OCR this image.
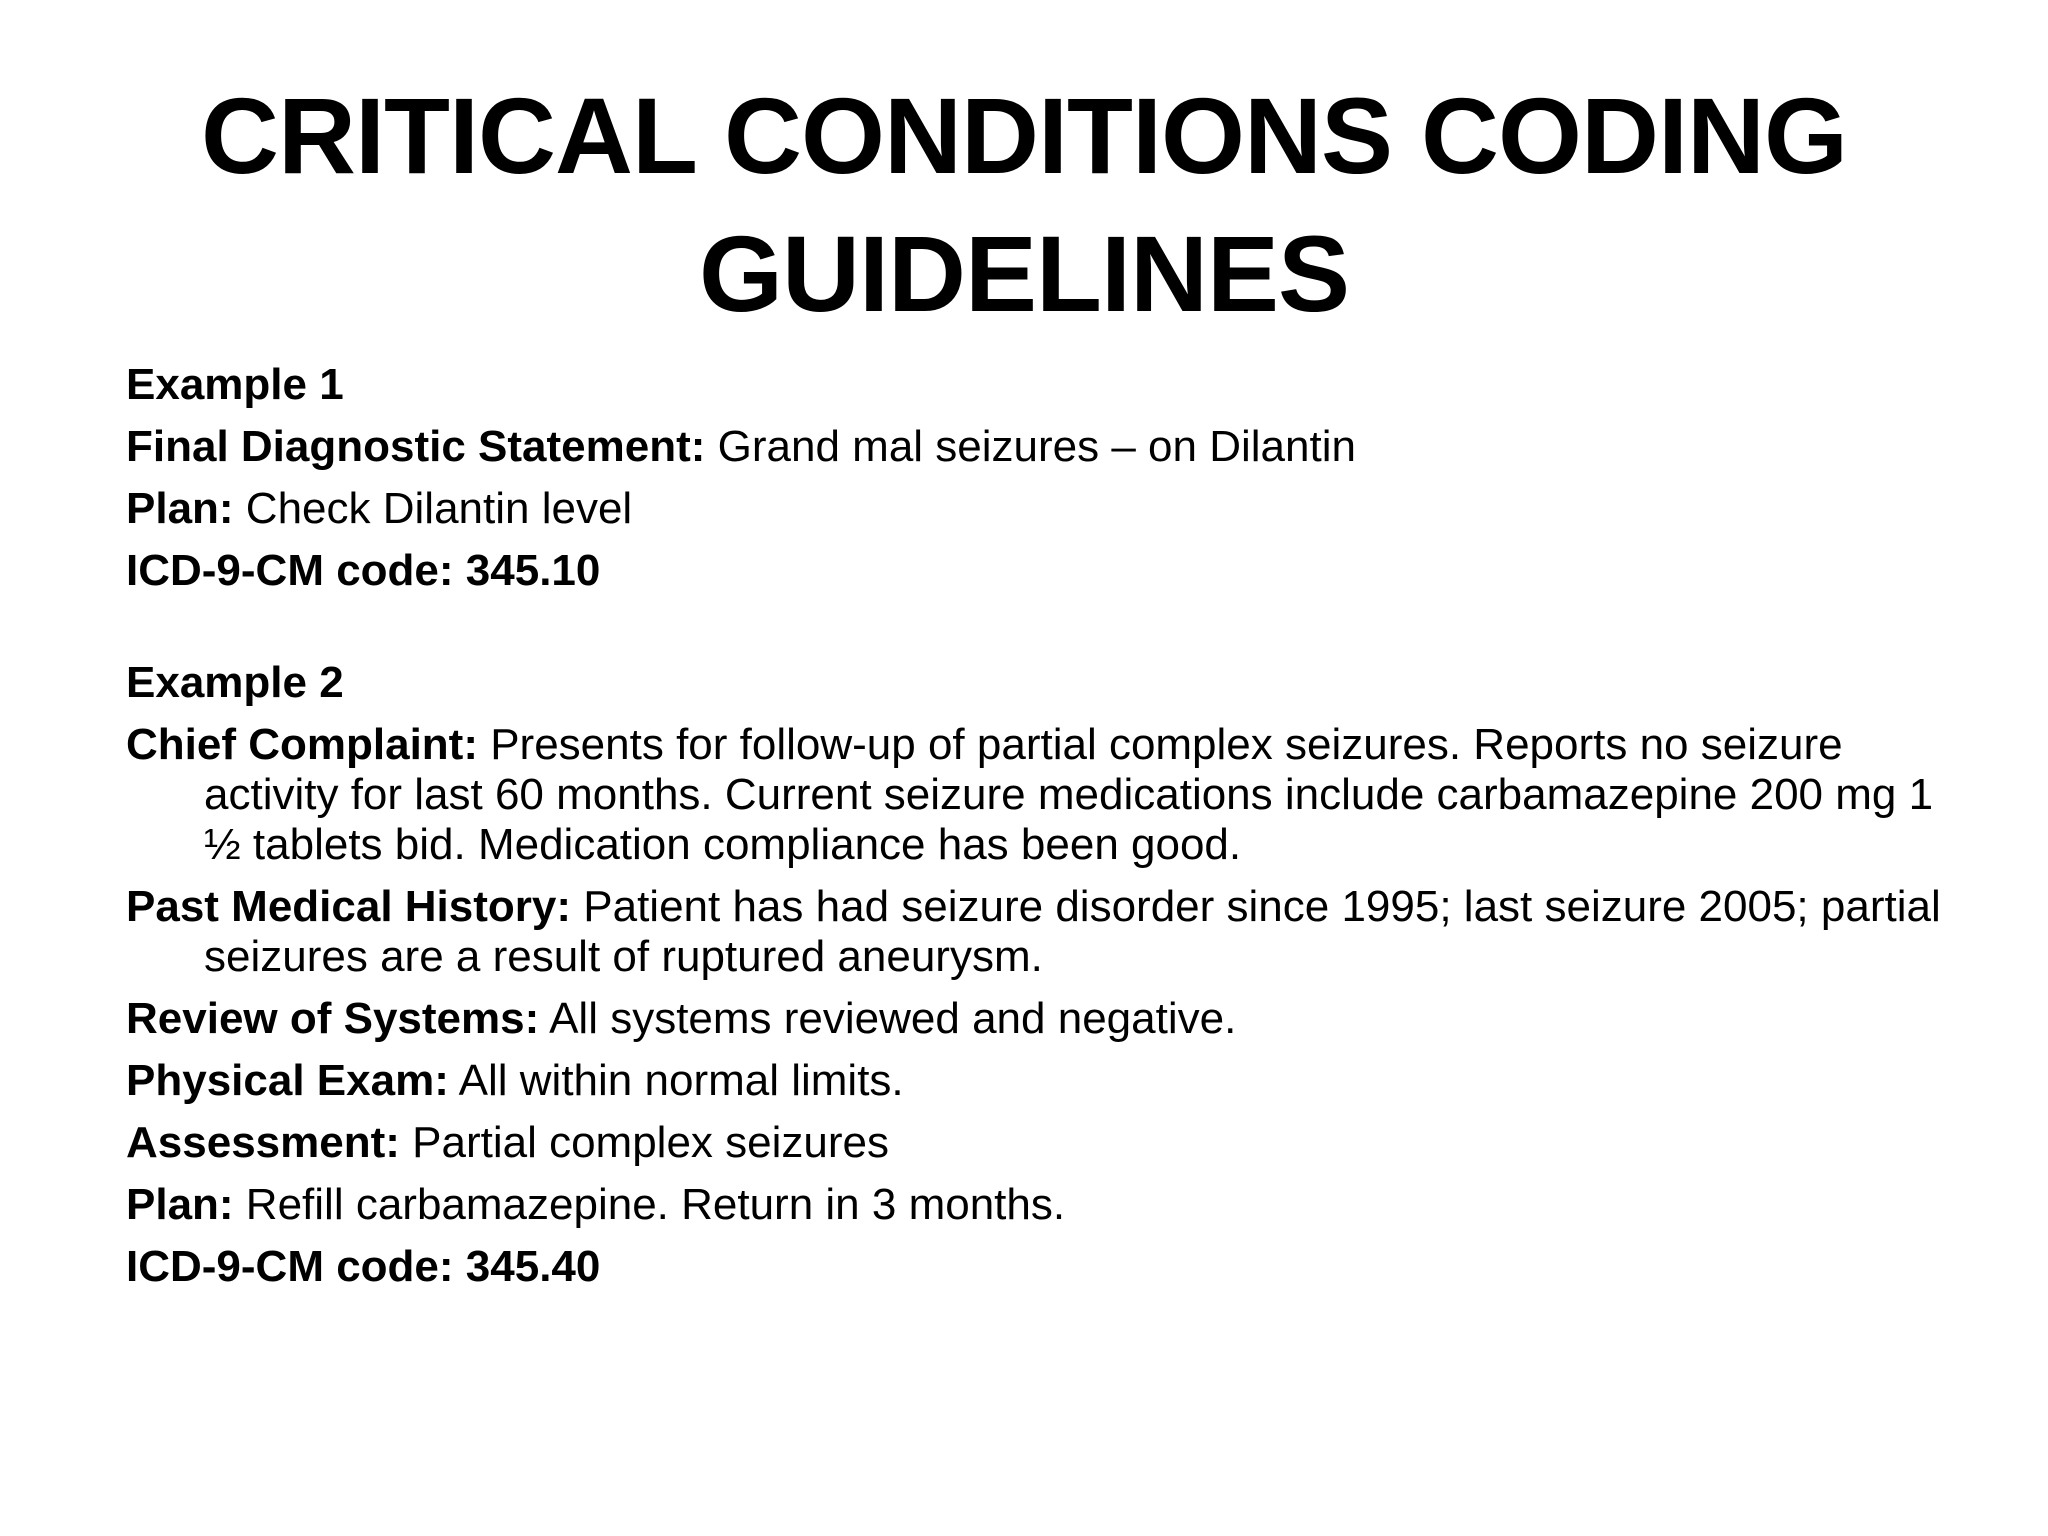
CRITICAL CONDITIONS CODING
GUIDELINES
Example 1
Final Diagnostic Statement: Grand mal seizures – on Dilantin
Plan: Check Dilantin level
ICD-9-CM code: 345.10
Example 2
Chief Complaint: Presents for follow-up of partial complex seizures. Reports no seizure activity for last 60 months. Current seizure medications include carbamazepine 200 mg 1 ½ tablets bid. Medication compliance has been good.
Past Medical History: Patient has had seizure disorder since 1995; last seizure 2005; partial seizures are a result of ruptured aneurysm.
Review of Systems: All systems reviewed and negative.
Physical Exam: All within normal limits.
Assessment: Partial complex seizures
Plan: Refill carbamazepine. Return in 3 months.
ICD-9-CM code: 345.40
